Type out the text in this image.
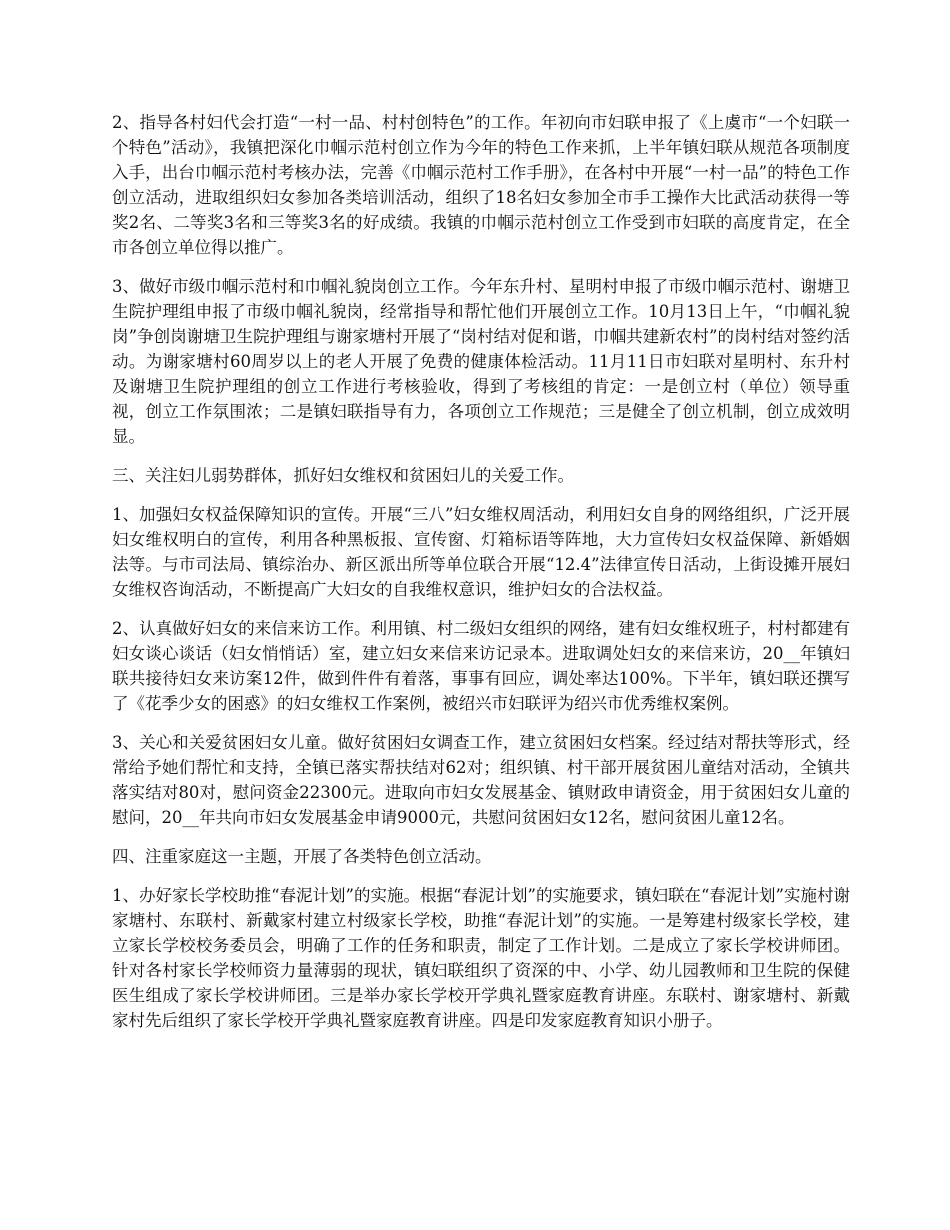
2、指导各村妇代会打造“一村一品、村村创特色”的工作。年初向市妇联申报了《上虞市“一个妇联一个特色”活动》，我镇把深化巾帼示范村创立作为今年的特色工作来抓，上半年镇妇联从规范各项制度入手，出台巾帼示范村考核办法，完善《巾帼示范村工作手册》，在各村中开展“一村一品”的特色工作创立活动，进取组织妇女参加各类培训活动，组织了18名妇女参加全市手工操作大比武活动获得一等奖2名、二等奖3名和三等奖3名的好成绩。我镇的巾帼示范村创立工作受到市妇联的高度肯定，在全市各创立单位得以推广。

3、做好市级巾帼示范村和巾帼礼貌岗创立工作。今年东升村、星明村申报了市级巾帼示范村、谢塘卫生院护理组申报了市级巾帼礼貌岗，经常指导和帮忙他们开展创立工作。10月13日上午，“巾帼礼貌岗”争创岗谢塘卫生院护理组与谢家塘村开展了“岗村结对促和谐，巾帼共建新农村”的岗村结对签约活动。为谢家塘村60周岁以上的老人开展了免费的健康体检活动。11月11日市妇联对星明村、东升村及谢塘卫生院护理组的创立工作进行考核验收，得到了考核组的肯定：一是创立村（单位）领导重视，创立工作氛围浓；二是镇妇联指导有力，各项创立工作规范；三是健全了创立机制，创立成效明显。

三、关注妇儿弱势群体，抓好妇女维权和贫困妇儿的关爱工作。

1、加强妇女权益保障知识的宣传。开展“三八”妇女维权周活动，利用妇女自身的网络组织，广泛开展妇女维权明白的宣传，利用各种黑板报、宣传窗、灯箱标语等阵地，大力宣传妇女权益保障、新婚姻法等。与市司法局、镇综治办、新区派出所等单位联合开展“12.4”法律宣传日活动，上街设摊开展妇女维权咨询活动，不断提高广大妇女的自我维权意识，维护妇女的合法权益。

2、认真做好妇女的来信来访工作。利用镇、村二级妇女组织的网络，建有妇女维权班子，村村都建有妇女谈心谈话（妇女悄悄话）室，建立妇女来信来访记录本。进取调处妇女的来信来访，20__年镇妇联共接待妇女来访案12件，做到件件有着落，事事有回应，调处率达100%。下半年，镇妇联还撰写了《花季少女的困惑》的妇女维权工作案例，被绍兴市妇联评为绍兴市优秀维权案例。

3、关心和关爱贫困妇女儿童。做好贫困妇女调查工作，建立贫困妇女档案。经过结对帮扶等形式，经常给予她们帮忙和支持，全镇已落实帮扶结对62对；组织镇、村干部开展贫困儿童结对活动，全镇共落实结对80对，慰问资金22300元。进取向市妇女发展基金、镇财政申请资金，用于贫困妇女儿童的慰问，20__年共向市妇女发展基金申请9000元，共慰问贫困妇女12名，慰问贫困儿童12名。

四、注重家庭这一主题，开展了各类特色创立活动。

1、办好家长学校助推“春泥计划”的实施。根据“春泥计划”的实施要求，镇妇联在“春泥计划”实施村谢家塘村、东联村、新戴家村建立村级家长学校，助推“春泥计划”的实施。一是筹建村级家长学校，建立家长学校校务委员会，明确了工作的任务和职责，制定了工作计划。二是成立了家长学校讲师团。针对各村家长学校师资力量薄弱的现状，镇妇联组织了资深的中、小学、幼儿园教师和卫生院的保健医生组成了家长学校讲师团。三是举办家长学校开学典礼暨家庭教育讲座。东联村、谢家塘村、新戴家村先后组织了家长学校开学典礼暨家庭教育讲座。四是印发家庭教育知识小册子。
